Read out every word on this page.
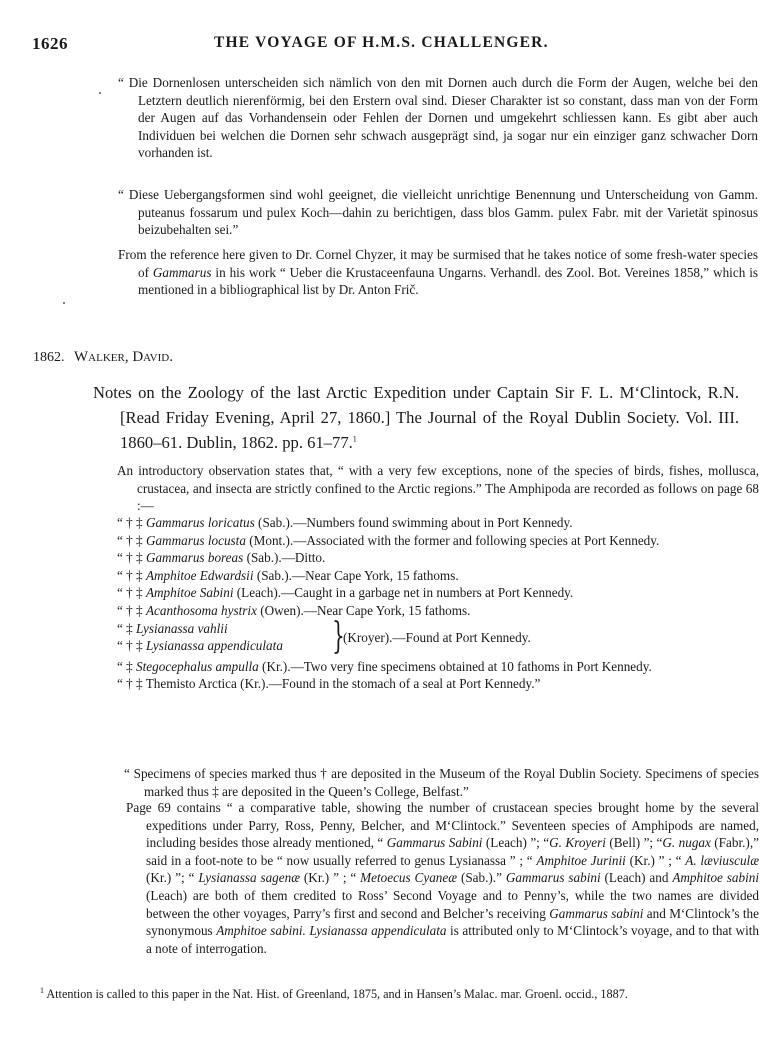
1626	THE VOYAGE OF H.M.S. CHALLENGER.
“ Die Dornenlosen unterscheiden sich nämlich von den mit Dornen auch durch die Form der Augen, welche bei den Letztern deutlich nierenförmig, bei den Erstern oval sind. Dieser Charakter ist so constant, dass man von der Form der Augen auf das Vorhandensein oder Fehlen der Dornen und umgekehrt schliessen kann. Es gibt aber auch Individuen bei welchen die Dornen sehr schwach ausgeprägt sind, ja sogar nur ein einziger ganz schwacher Dorn vorhanden ist.
“ Diese Uebergangsformen sind wohl geeignet, die vielleicht unrichtige Benennung und Unterscheidung von Gamm. puteanus fossarum und pulex Koch—dahin zu berichtigen, dass blos Gamm. pulex Fabr. mit der Varietät spinosus beizubehalten sei.”
From the reference here given to Dr. Cornel Chyzer, it may be surmised that he takes notice of some fresh-water species of Gammarus in his work “ Ueber die Krustaceenfauna Ungarns. Verhandl. des Zool. Bot. Vereines 1858,” which is mentioned in a bibliographical list by Dr. Anton Frič.
1862. Walker, David.
Notes on the Zoology of the last Arctic Expedition under Captain Sir F. L. M‘Clintock, R.N. [Read Friday Evening, April 27, 1860.] The Journal of the Royal Dublin Society. Vol. III. 1860–61. Dublin, 1862. pp. 61–77.$^1$
An introductory observation states that, “ with a very few exceptions, none of the species of birds, fishes, mollusca, crustacea, and insecta are strictly confined to the Arctic regions.” The Amphipoda are recorded as follows on page 68 :—
“ † ‡ Gammarus loricatus (Sab.).—Numbers found swimming about in Port Kennedy.
“ † ‡ Gammarus locusta (Mont.).—Associated with the former and following species at Port Kennedy.
“ † ‡ Gammarus boreas (Sab.).—Ditto.
“ † ‡ Amphitoe Edwardsii (Sab.).—Near Cape York, 15 fathoms.
“ † ‡ Amphitoe Sabini (Leach).—Caught in a garbage net in numbers at Port Kennedy.
“ † ‡ Acanthosoma hystrix (Owen).—Near Cape York, 15 fathoms.
“ ‡ Lysianassa vahlii
“ † ‡ Lysianassa appendiculata }
(Kroyer).—Found at Port Kennedy.
“ ‡ Stegocephalus ampulla (Kr.).—Two very fine specimens obtained at 10 fathoms in Port Kennedy.
“ † ‡ Themisto Arctica (Kr.).—Found in the stomach of a seal at Port Kennedy.”
“ Specimens of species marked thus † are deposited in the Museum of the Royal Dublin Society. Specimens of species marked thus ‡ are deposited in the Queen’s College, Belfast.”
Page 69 contains “ a comparative table, showing the number of crustacean species brought home by the several expeditions under Parry, Ross, Penny, Belcher, and M‘Clintock.” Seventeen species of Amphipods are named, including besides those already mentioned, “ Gammarus Sabini (Leach) ”; “G. Kroyeri (Bell) ”; “G. nugax (Fabr.),” said in a foot-note to be “ now usually referred to genus Lysianassa ” ; “ Amphitoe Jurinii (Kr.) ” ; “ A. læviusculæ (Kr.) ”; “ Lysianassa sagenæ (Kr.) ” ; “ Metoecus Cyaneæ (Sab.).” Gammarus sabini (Leach) and Amphitoe sabini (Leach) are both of them credited to Ross’ Second Voyage and to Penny’s, while the two names are divided between the other voyages, Parry’s first and second and Belcher’s receiving Gammarus sabini and M‘Clintock’s the synonymous Amphitoe sabini. Lysianassa appendiculata is attributed only to M‘Clintock’s voyage, and to that with a note of interrogation.
$^1$ Attention is called to this paper in the Nat. Hist. of Greenland, 1875, and in Hansen’s Malac. mar. Groenl. occid., 1887.
